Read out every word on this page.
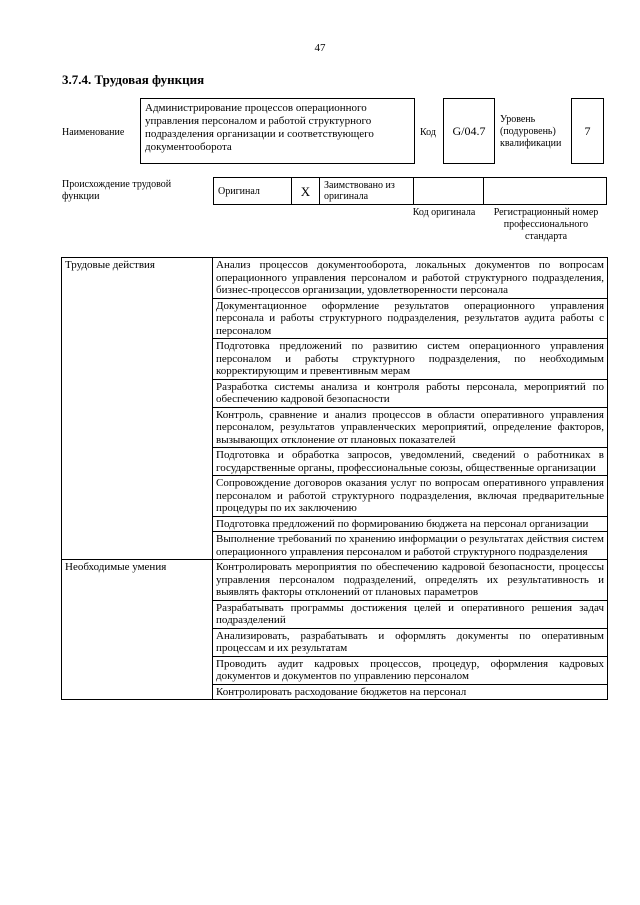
47
3.7.4. Трудовая функция
Наименование
Администрирование процессов операционного управления персоналом и работой структурного подразделения организации и соответствующего документооборота
Код	G/04.7
Уровень (подуровень) квалификации
7
Происхождение трудовой функции	Оригинал	X	Заимствовано из оригинала		
Код оригинала	Регистрационный номер профессионального стандарта
Трудовые действия	Анализ процессов документооборота, локальных документов по вопросам операционного управления персоналом и работой структурного подразделения, бизнес-процессов организации, удовлетворенности персонала
	Документационное оформление результатов операционного управления персонала и работы структурного подразделения, результатов аудита работы с персоналом
	Подготовка предложений по развитию систем операционного управления персоналом и работы структурного подразделения, по необходимым корректирующим и превентивным мерам
	Разработка системы анализа и контроля работы персонала, мероприятий по обеспечению кадровой безопасности
	Контроль, сравнение и анализ процессов в области оперативного управления персоналом, результатов управленческих мероприятий, определение факторов, вызывающих отклонение от плановых показателей
	Подготовка и обработка запросов, уведомлений, сведений о работниках в государственные органы, профессиональные союзы, общественные организации
	Сопровождение договоров оказания услуг по вопросам оперативного управления персоналом и работой структурного подразделения, включая предварительные процедуры по их заключению
	Подготовка предложений по формированию бюджета на персонал организации
	Выполнение требований по хранению информации о результатах действия систем операционного управления персоналом и работой структурного подразделения
Необходимые умения	Контролировать мероприятия по обеспечению кадровой безопасности, процессы управления персоналом подразделений, определять их результативность и выявлять факторы отклонений от плановых параметров
	Разрабатывать программы достижения целей и оперативного решения задач подразделений
	Анализировать, разрабатывать и оформлять документы по оперативным процессам и их результатам
	Проводить аудит кадровых процессов, процедур, оформления кадровых документов и документов по управлению персоналом
	Контролировать расходование бюджетов на персонал
